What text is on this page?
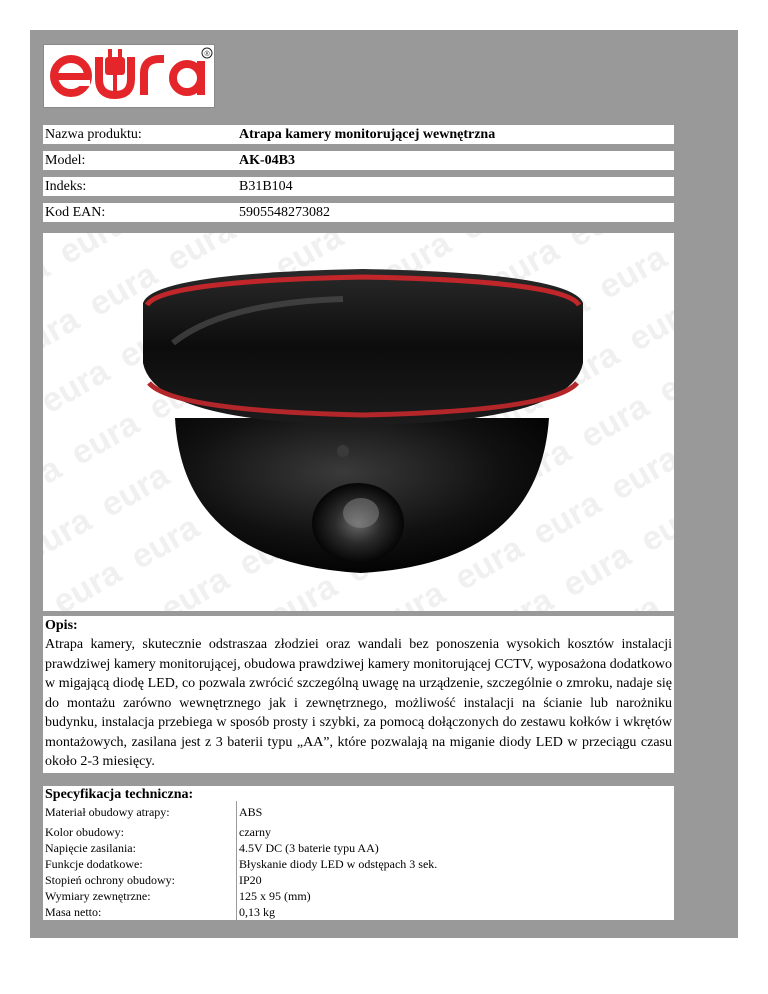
®
Nazwa produktu:	Atrapa kamery monitorującej wewnętrzna
Model:	AK-04B3
Indeks:	B31B104
Kod EAN:	5905548273082
Opis:
Atrapa kamery, skutecznie odstraszaa złodziei oraz wandali bez ponoszenia wysokich kosztów instalacji prawdziwej kamery monitorującej, obudowa prawdziwej kamery monitorującej CCTV, wyposażona dodatkowo w migającą diodę LED, co pozwala zwrócić szczególną uwagę na urządzenie, szczególnie o zmroku, nadaje się do montażu zarówno wewnętrznego jak i zewnętrznego, możliwość instalacji na ścianie lub narożniku budynku, instalacja przebiega w sposób prosty i szybki, za pomocą dołączonych do zestawu kołków i wkrętów montażowych, zasilana jest z 3 baterii typu „AA”, które pozwalają na miganie diody LED w przeciągu czasu około 2-3 miesięcy.
Specyfikacja techniczna:
Materiał obudowy atrapy:	ABS
Kolor obudowy:	czarny
Napięcie zasilania:	4.5V DC (3 baterie typu AA)
Funkcje dodatkowe:	Błyskanie diody LED w odstępach 3 sek.
Stopień ochrony obudowy:	IP20
Wymiary zewnętrzne:	125 x 95 (mm)
Masa netto:	0,13 kg
